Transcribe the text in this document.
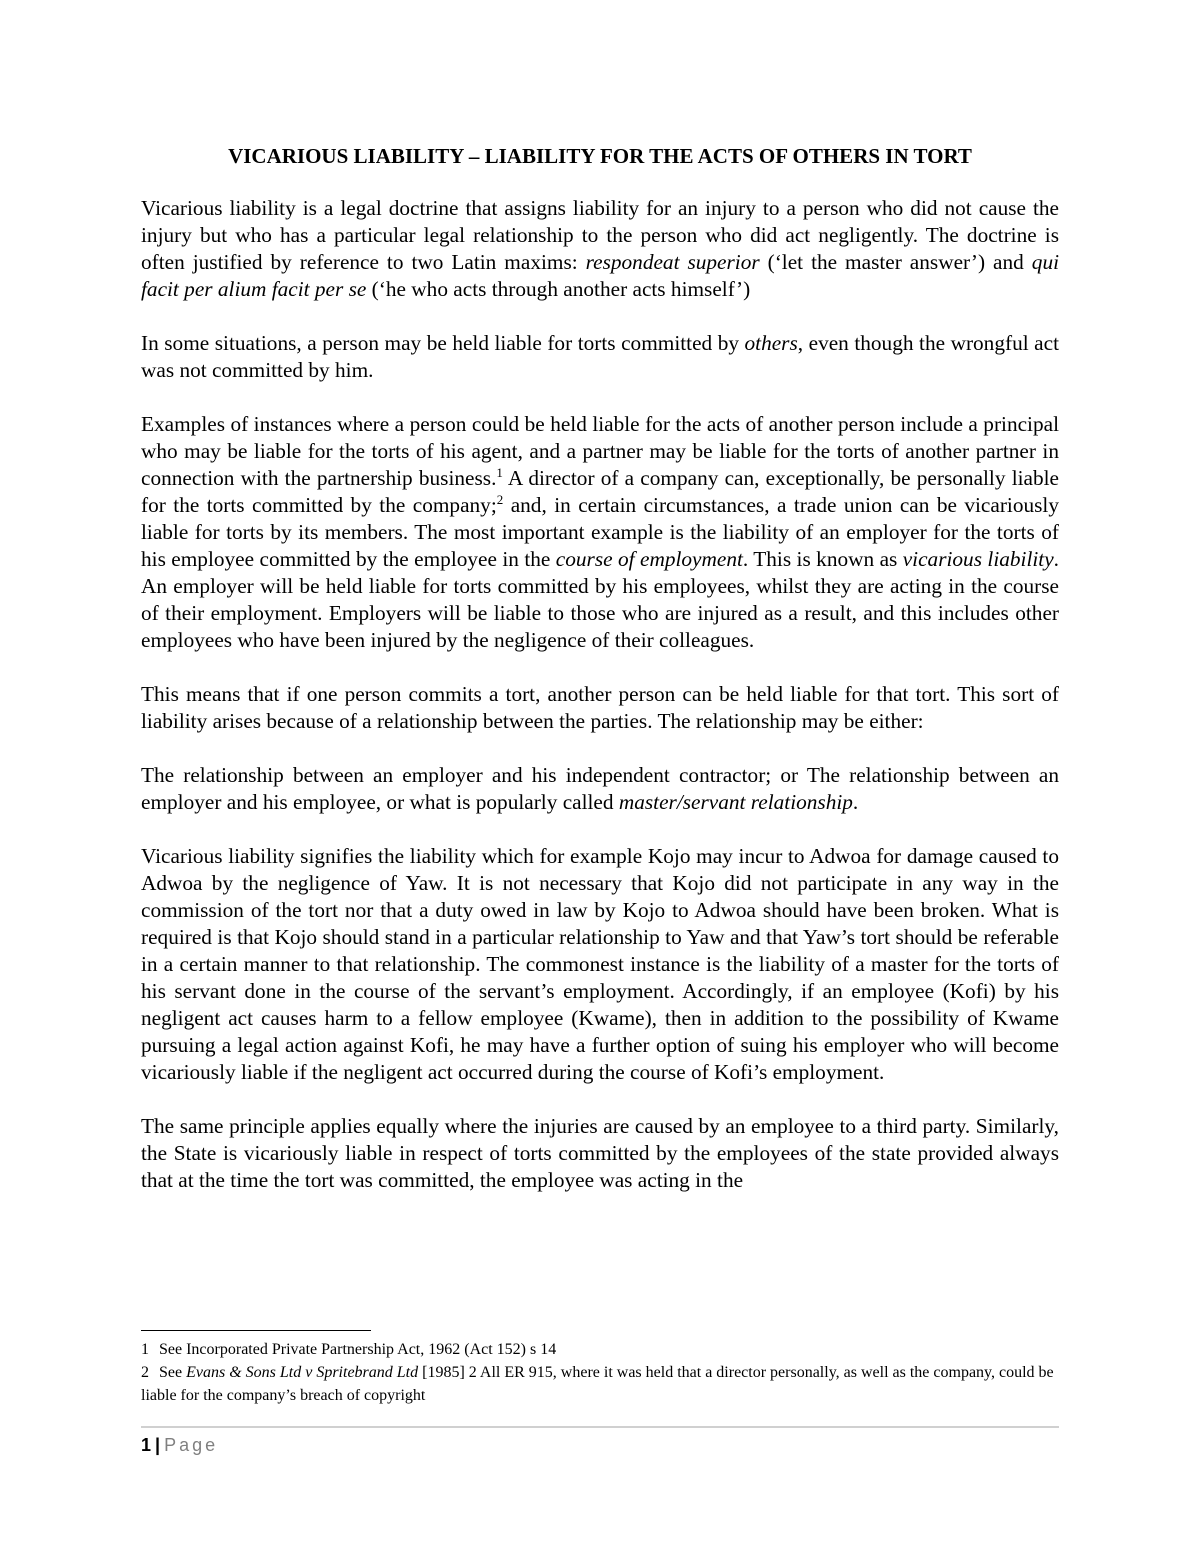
VICARIOUS LIABILITY – LIABILITY FOR THE ACTS OF OTHERS IN TORT

Vicarious liability is a legal doctrine that assigns liability for an injury to a person who did not cause the injury but who has a particular legal relationship to the person who did act negligently. The doctrine is often justified by reference to two Latin maxims: respondeat superior (‘let the master answer’) and qui facit per alium facit per se (‘he who acts through another acts himself’)

In some situations, a person may be held liable for torts committed by others, even though the wrongful act was not committed by him.

Examples of instances where a person could be held liable for the acts of another person include a principal who may be liable for the torts of his agent, and a partner may be liable for the torts of another partner in connection with the partnership business.$^1$ A director of a company can, exceptionally, be personally liable for the torts committed by the company;$^2$ and, in certain circumstances, a trade union can be vicariously liable for torts by its members. The most important example is the liability of an employer for the torts of his employee committed by the employee in the course of employment. This is known as vicarious liability. An employer will be held liable for torts committed by his employees, whilst they are acting in the course of their employment. Employers will be liable to those who are injured as a result, and this includes other employees who have been injured by the negligence of their colleagues.

This means that if one person commits a tort, another person can be held liable for that tort. This sort of liability arises because of a relationship between the parties. The relationship may be either:

The relationship between an employer and his independent contractor; or The relationship between an employer and his employee, or what is popularly called master/servant relationship.

Vicarious liability signifies the liability which for example Kojo may incur to Adwoa for damage caused to Adwoa by the negligence of Yaw. It is not necessary that Kojo did not participate in any way in the commission of the tort nor that a duty owed in law by Kojo to Adwoa should have been broken. What is required is that Kojo should stand in a particular relationship to Yaw and that Yaw’s tort should be referable in a certain manner to that relationship. The commonest instance is the liability of a master for the torts of his servant done in the course of the servant’s employment. Accordingly, if an employee (Kofi) by his negligent act causes harm to a fellow employee (Kwame), then in addition to the possibility of Kwame pursuing a legal action against Kofi, he may have a further option of suing his employer who will become vicariously liable if the negligent act occurred during the course of Kofi’s employment.

The same principle applies equally where the injuries are caused by an employee to a third party. Similarly, the State is vicariously liable in respect of torts committed by the employees of the state provided always that at the time the tort was committed, the employee was acting in the

1 See Incorporated Private Partnership Act, 1962 (Act 152) s 14

2 See Evans & Sons Ltd v Spritebrand Ltd [1985] 2 All ER 915, where it was held that a director personally, as well as the company, could be liable for the company’s breach of copyright

1 | Page
